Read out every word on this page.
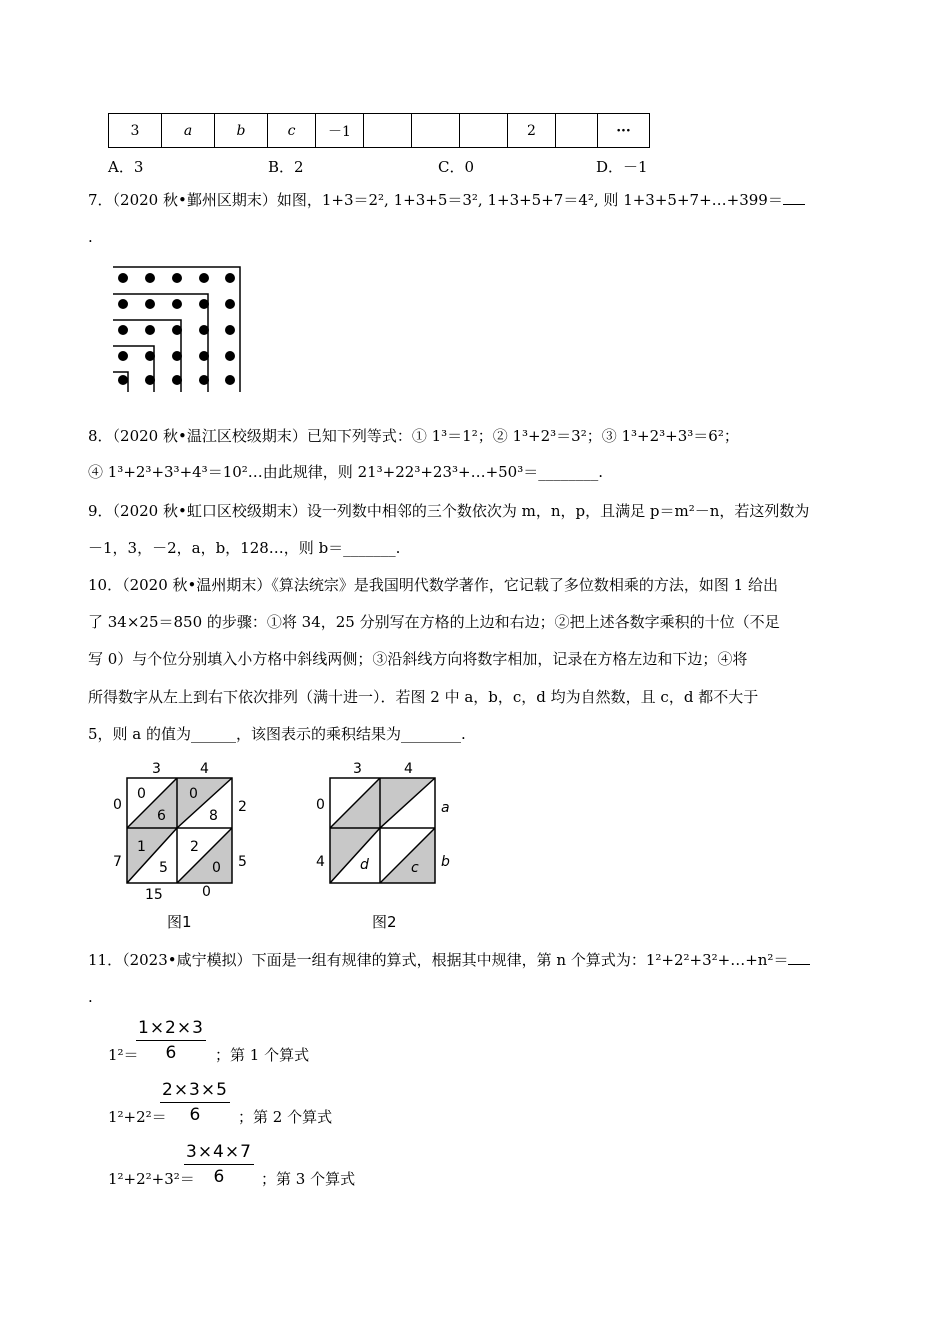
3	a	b	c	－1				2		···
A．3	B．2	C．0	D．－1
7．（2020 秋•鄞州区期末）如图，1+3＝2², 1+3+5＝3², 1+3+5+7＝4², 则 1+3+5+7+…+399＝
.
8．（2020 秋•温江区校级期末）已知下列等式：① 1³＝1²；② 1³+2³＝3²；③ 1³+2³+3³＝6²；
④ 1³+2³+3³+4³＝10²…由此规律，则 21³+22³+23³+…+50³＝________.
9．（2020 秋•虹口区校级期末）设一列数中相邻的三个数依次为 m，n，p，且满足 p＝m²－n，若这列数为
－1，3，－2，a，b，128…，则 b＝_______.
10．（2020 秋•温州期末）《算法统宗》是我国明代数学著作，它记载了多位数相乘的方法，如图 1 给出
了 34×25＝850 的步骤：①将 34，25 分别写在方格的上边和右边；②把上述各数字乘积的十位（不足
写 0）与个位分别填入小方格中斜线两侧；③沿斜线方向将数字相加，记录在方格左边和下边；④将
所得数字从左上到右下依次排列（满十进一）．若图 2 中 a，b，c，d 均为自然数，且 c，d 都不大于
5，则 a 的值为______，该图表示的乘积结果为________.
3	4
2
5
0
7
15	0
0
6
0
8
1
5
2
0
图1
3	4
a
b
0
4	d	c
图2
11．（2023•咸宁模拟）下面是一组有规律的算式，根据其中规律，第 n 个算式为：1²+2²+3²+…+n²＝
.
1²＝
$\frac{1\times 2\times 3}{6}$ ；第 1 个算式
1²+2²＝
$\frac{2\times 3\times 5}{6}$ ；第 2 个算式
1²+2²+3²＝
$\frac{3\times 4\times 7}{6}$ ；第 3 个算式
